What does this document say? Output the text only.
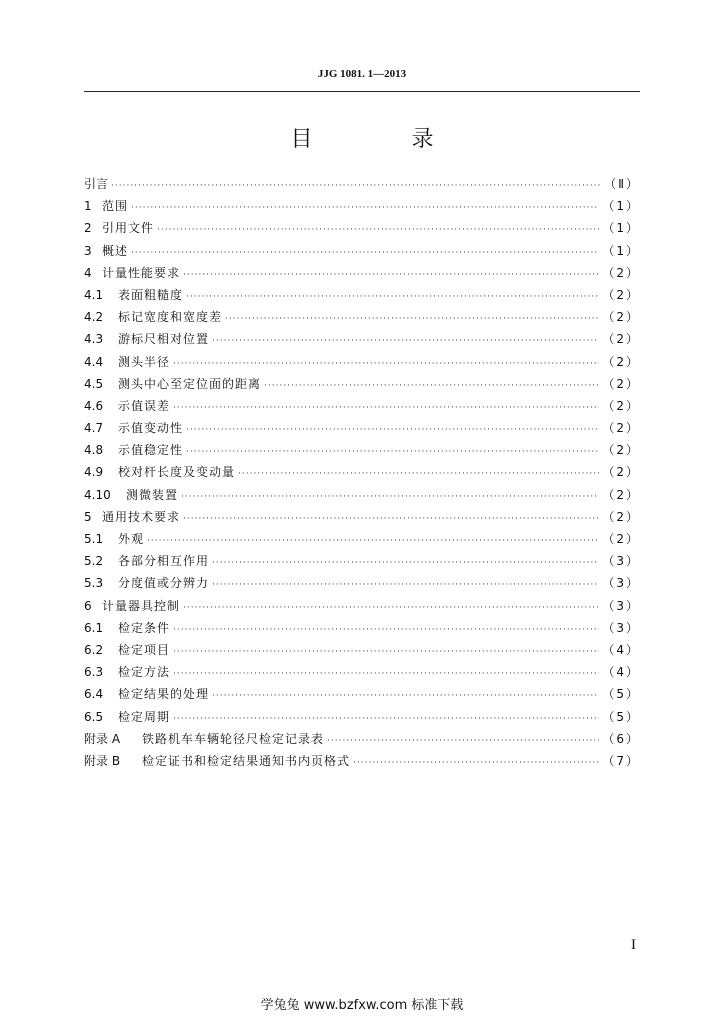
JJG 1081. 1—2013
目 录
引言 ·····	（Ⅱ）
1 范围 ·····	（1）
2 引用文件 ·····	（1）
3 概述 ·····	（1）
4 计量性能要求 ·····	（2）
4.1	表面粗糙度 ·····	（2）
4.2	标记宽度和宽度差 ·····	（2）
4.3	游标尺相对位置 ·····	（2）
4.4	测头半径 ·····	（2）
4.5	测头中心至定位面的距离 ·····	（2）
4.6	示值误差 ·····	（2）
4.7	示值变动性 ·····	（2）
4.8	示值稳定性 ·····	（2）
4.9	校对杆长度及变动量 ·····	（2）
4.10	测微装置 ·····	（2）
5 通用技术要求 ·····	（2）
5.1	外观 ·····	（2）
5.2	各部分相互作用 ·····	（3）
5.3	分度值或分辨力 ·····	（3）
6 计量器具控制 ·····	（3）
6.1	检定条件 ·····	（3）
6.2	检定项目 ·····	（4）
6.3	检定方法 ·····	（4）
6.4	检定结果的处理 ·····	（5）
6.5	检定周期 ·····	（5）
附录 A	铁路机车车辆轮径尺检定记录表 ·····	（6）
附录 B	检定证书和检定结果通知书内页格式 ·····	（7）
I
学兔兔 www.bzfxw.com 标准下载
